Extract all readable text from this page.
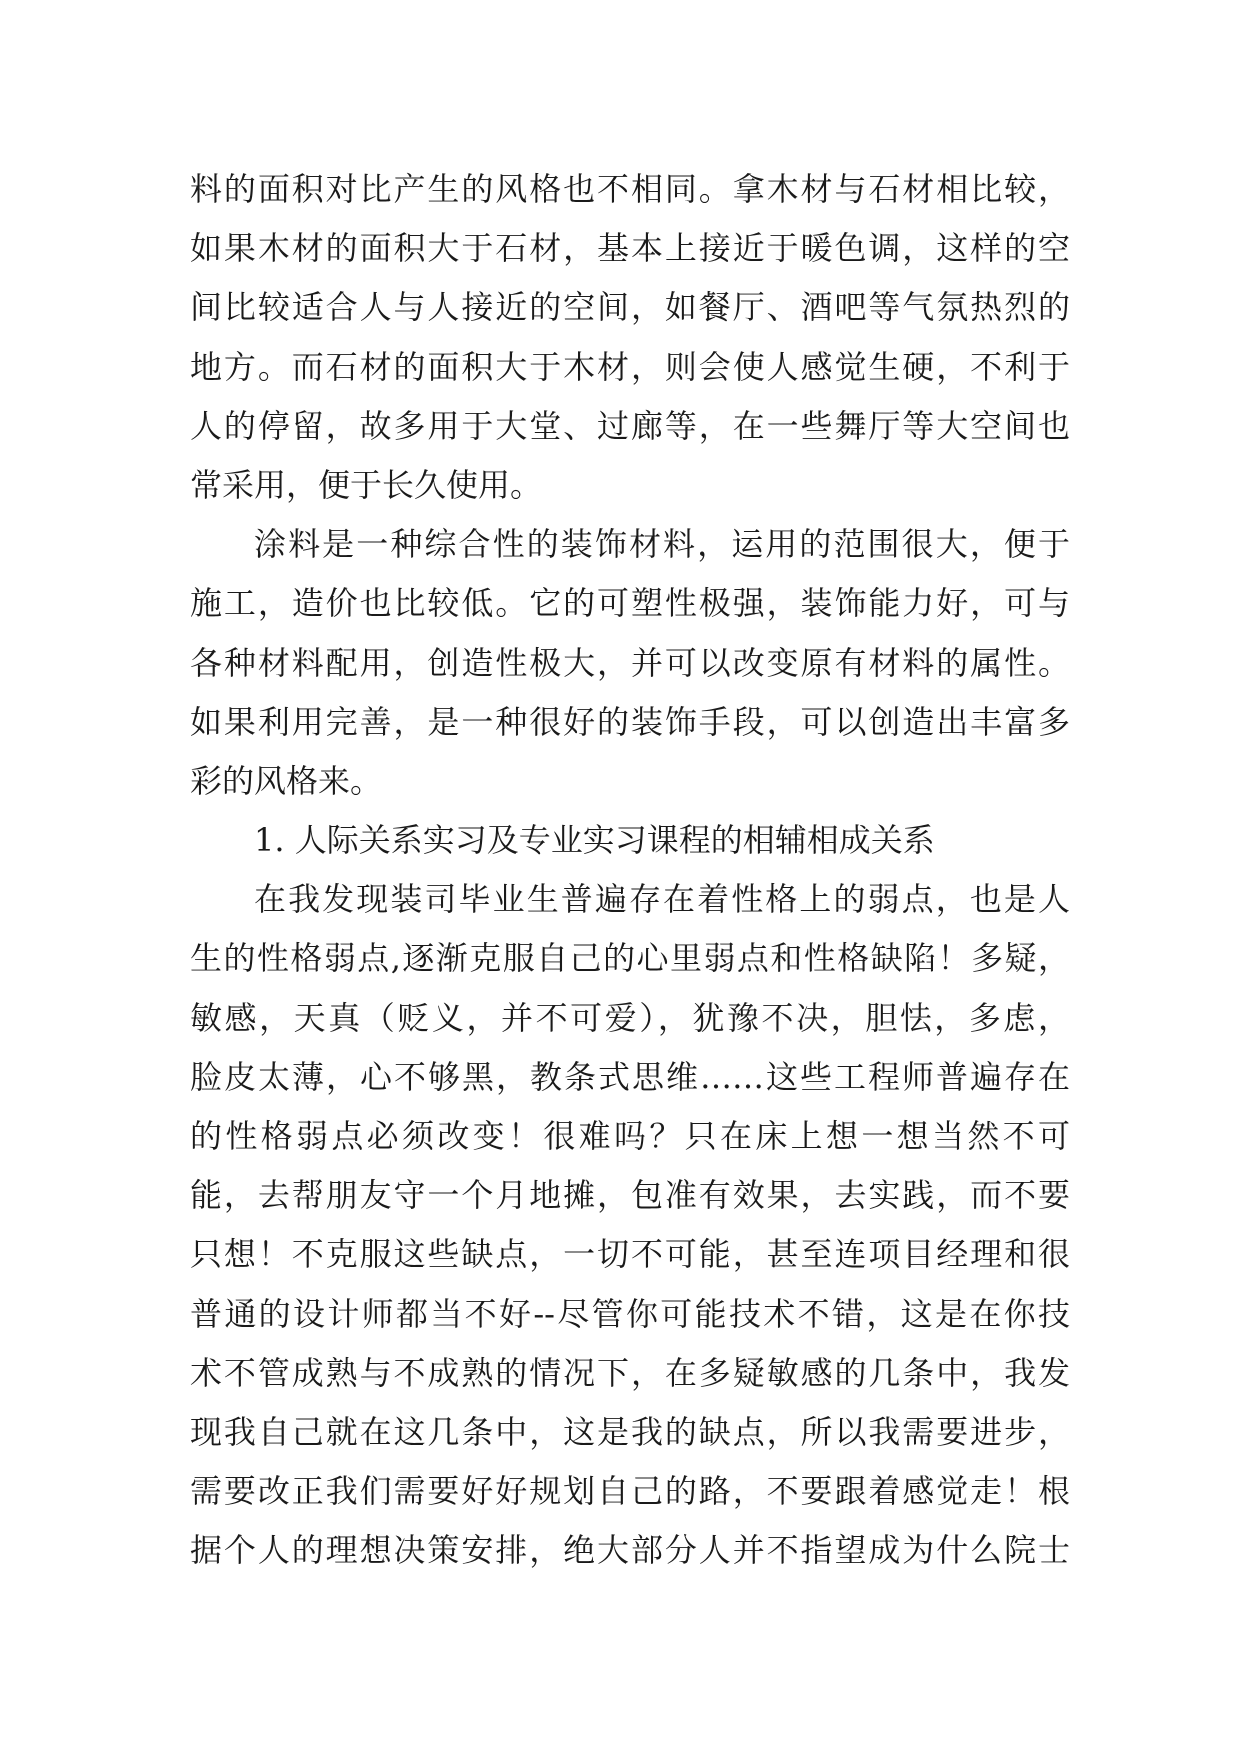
料的面积对比产生的风格也不相同。拿木材与石材相比较，
如果木材的面积大于石材，基本上接近于暖色调，这样的空
间比较适合人与人接近的空间，如餐厅、酒吧等气氛热烈的
地方。而石材的面积大于木材，则会使人感觉生硬，不利于
人的停留，故多用于大堂、过廊等，在一些舞厅等大空间也
常采用，便于长久使用。
涂料是一种综合性的装饰材料，运用的范围很大，便于
施工，造价也比较低。它的可塑性极强，装饰能力好，可与
各种材料配用，创造性极大，并可以改变原有材料的属性。
如果利用完善，是一种很好的装饰手段，可以创造出丰富多
彩的风格来。
1. 人际关系实习及专业实习课程的相辅相成关系
在我发现装司毕业生普遍存在着性格上的弱点，也是人
生的性格弱点,逐渐克服自己的心里弱点和性格缺陷！多疑，
敏感，天真（贬义，并不可爱），犹豫不决，胆怯，多虑，
脸皮太薄，心不够黑，教条式思维……这些工程师普遍存在
的性格弱点必须改变！很难吗？只在床上想一想当然不可
能，去帮朋友守一个月地摊，包准有效果，去实践，而不要
只想！不克服这些缺点，一切不可能，甚至连项目经理和很
普通的设计师都当不好--尽管你可能技术不错，这是在你技
术不管成熟与不成熟的情况下，在多疑敏感的几条中，我发
现我自己就在这几条中，这是我的缺点，所以我需要进步，
需要改正我们需要好好规划自己的路，不要跟着感觉走！根
据个人的理想决策安排，绝大部分人并不指望成为什么院士
